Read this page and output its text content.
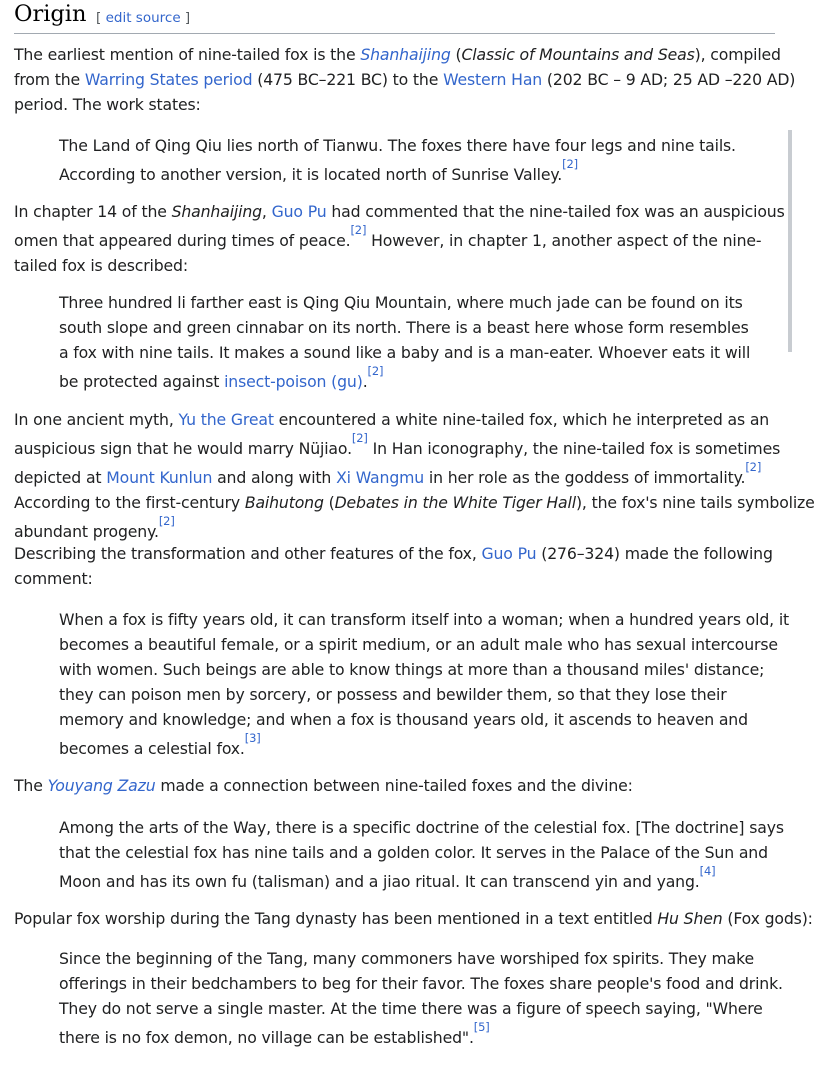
Origin [ edit source ]

The earliest mention of nine-tailed fox is the Shanhaijing (Classic of Mountains and Seas), compiled
from the Warring States period (475 BC–221 BC) to the Western Han (202 BC – 9 AD; 25 AD –220 AD)
period. The work states:

The Land of Qing Qiu lies north of Tianwu. The foxes there have four legs and nine tails.
According to another version, it is located north of Sunrise Valley.[2]

In chapter 14 of the Shanhaijing, Guo Pu had commented that the nine-tailed fox was an auspicious
omen that appeared during times of peace.[2] However, in chapter 1, another aspect of the nine-
tailed fox is described:

Three hundred li farther east is Qing Qiu Mountain, where much jade can be found on its
south slope and green cinnabar on its north. There is a beast here whose form resembles
a fox with nine tails. It makes a sound like a baby and is a man-eater. Whoever eats it will
be protected against insect-poison (gu).[2]

In one ancient myth, Yu the Great encountered a white nine-tailed fox, which he interpreted as an
auspicious sign that he would marry Nüjiao.[2] In Han iconography, the nine-tailed fox is sometimes
depicted at Mount Kunlun and along with Xi Wangmu in her role as the goddess of immortality.[2]
According to the first-century Baihutong (Debates in the White Tiger Hall), the fox's nine tails symbolize
abundant progeny.[2]

Describing the transformation and other features of the fox, Guo Pu (276–324) made the following
comment:

When a fox is fifty years old, it can transform itself into a woman; when a hundred years old, it
becomes a beautiful female, or a spirit medium, or an adult male who has sexual intercourse
with women. Such beings are able to know things at more than a thousand miles' distance;
they can poison men by sorcery, or possess and bewilder them, so that they lose their
memory and knowledge; and when a fox is thousand years old, it ascends to heaven and
becomes a celestial fox.[3]

The Youyang Zazu made a connection between nine-tailed foxes and the divine:

Among the arts of the Way, there is a specific doctrine of the celestial fox. [The doctrine] says
that the celestial fox has nine tails and a golden color. It serves in the Palace of the Sun and
Moon and has its own fu (talisman) and a jiao ritual. It can transcend yin and yang.[4]

Popular fox worship during the Tang dynasty has been mentioned in a text entitled Hu Shen (Fox gods):

Since the beginning of the Tang, many commoners have worshiped fox spirits. They make
offerings in their bedchambers to beg for their favor. The foxes share people's food and drink.
They do not serve a single master. At the time there was a figure of speech saying, "Where
there is no fox demon, no village can be established".[5]
